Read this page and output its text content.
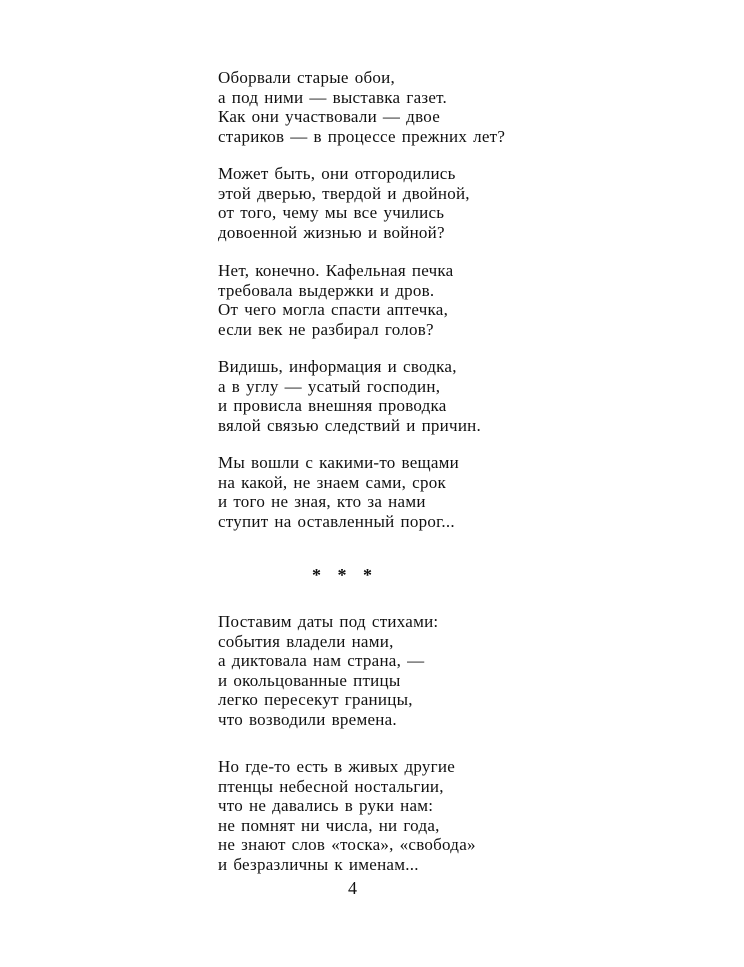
Оборвали старые обои,
а под ними — выставка газет.
Как они участвовали — двое
стариков — в процессе прежних лет?
Может быть, они отгородились
этой дверью, твердой и двойной,
от того, чему мы все учились
довоенной жизнью и войной?
Нет, конечно. Кафельная печка
требовала выдержки и дров.
От чего могла спасти аптечка,
если век не разбирал голов?
Видишь, информация и сводка,
а в углу — усатый господин,
и провисла внешняя проводка
вялой связью следствий и причин.
Мы вошли с какими-то вещами
на какой, не знаем сами, срок
и того не зная, кто за нами
ступит на оставленный порог...
* * *
Поставим даты под стихами:
события владели нами,
а диктовала нам страна, —
и окольцованные птицы
легко пересекут границы,
что возводили времена.
Но где-то есть в живых другие
птенцы небесной ностальгии,
что не давались в руки нам:
не помнят ни числа, ни года,
не знают слов «тоска», «свобода»
и безразличны к именам...
4
